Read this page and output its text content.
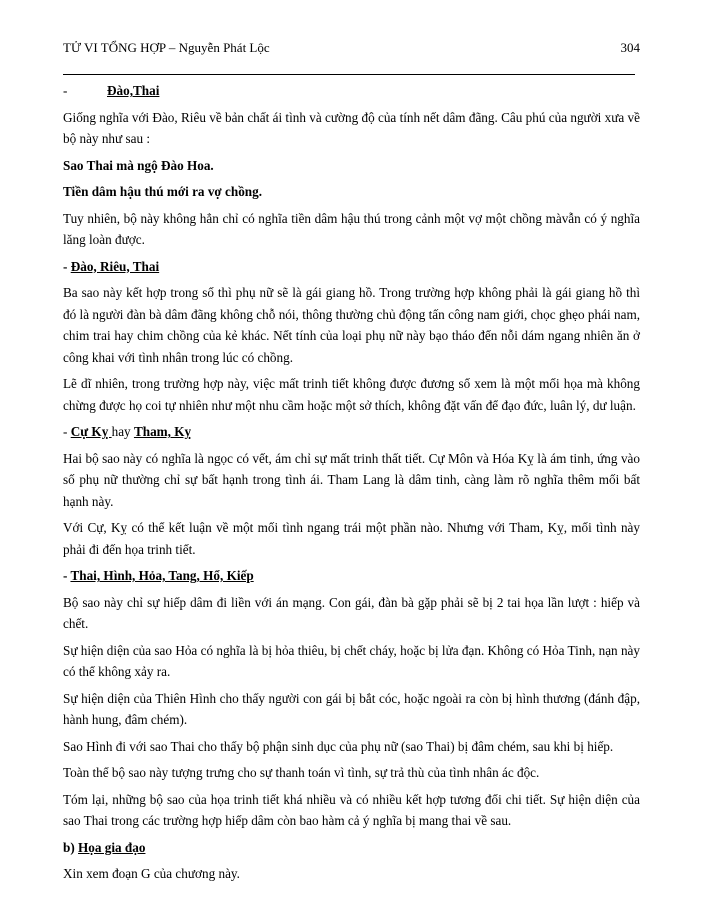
TỬ VI TỔNG HỢP – Nguyễn Phát Lộc	304

-	Đào,Thai

Giống nghĩa với Đào, Riêu về bản chất ái tình và cường độ của tính nết dâm đãng. Câu phú của người xưa về bộ này như sau :

Sao Thai mà ngộ Đào Hoa.

Tiền dâm hậu thú mới ra vợ chồng.

Tuy nhiên, bộ này không hẳn chỉ có nghĩa tiền dâm hậu thú trong cảnh một vợ một chồng màvẫn có ý nghĩa lăng loàn được.

- Đào, Riêu, Thai

Ba sao này kết hợp trong số thì phụ nữ sẽ là gái giang hồ. Trong trường hợp không phải là gái giang hồ thì đó là người đàn bà dâm đãng không chỗ nói, thông thường chủ động tấn công nam giới, chọc ghẹo phái nam, chim trai hay chim chồng của kẻ khác. Nết tính của loại phụ nữ này bạo tháo đến nỗi dám ngang nhiên ăn ở công khai với tình nhân trong lúc có chồng.

Lẽ dĩ nhiên, trong trường hợp này, việc mất trinh tiết không được đương số xem là một mối họa mà không chừng được họ coi tự nhiên như một nhu cầm hoặc một sở thích, không đặt vấn để đạo đức, luân lý, dư luận.

- Cự Kỵ hay Tham, Kỵ

Hai bộ sao này có nghĩa là ngọc có vết, ám chỉ sự mất trinh thất tiết. Cự Môn và Hóa Kỵ là ám tinh, ứng vào số phụ nữ thường chỉ sự bất hạnh trong tình ái. Tham Lang là dâm tinh, càng làm rõ nghĩa thêm mối bất hạnh này.

Với Cự, Kỵ có thể kết luận về một mối tình ngang trái một phần nào. Nhưng với Tham, Kỵ, mối tình này phải đi đến họa trinh tiết.

- Thai, Hình, Hỏa, Tang, Hổ, Kiếp

Bộ sao này chỉ sự hiếp dâm đi liền với án mạng. Con gái, đàn bà gặp phải sẽ bị 2 tai họa lần lượt : hiếp và chết.

Sự hiện diện của sao Hỏa có nghĩa là bị hỏa thiêu, bị chết cháy, hoặc bị lửa đạn. Không có Hỏa Tinh, nạn này có thể không xảy ra.

Sự hiện diện của Thiên Hình cho thấy người con gái bị bắt cóc, hoặc ngoài ra còn bị hình thương (đánh đập, hành hung, đâm chém).

Sao Hình đi với sao Thai cho thấy bộ phận sinh dục của phụ nữ (sao Thai) bị đâm chém, sau khi bị hiếp.

Toàn thể bộ sao này tượng trưng cho sự thanh toán vì tình, sự trả thù của tình nhân ác độc.

Tóm lại, những bộ sao của họa trinh tiết khá nhiều và có nhiều kết hợp tương đối chi tiết. Sự hiện diện của sao Thai trong các trường hợp hiếp dâm còn bao hàm cả ý nghĩa bị mang thai về sau.

b) Họa gia đạo

Xin xem đoạn G của chương này.
